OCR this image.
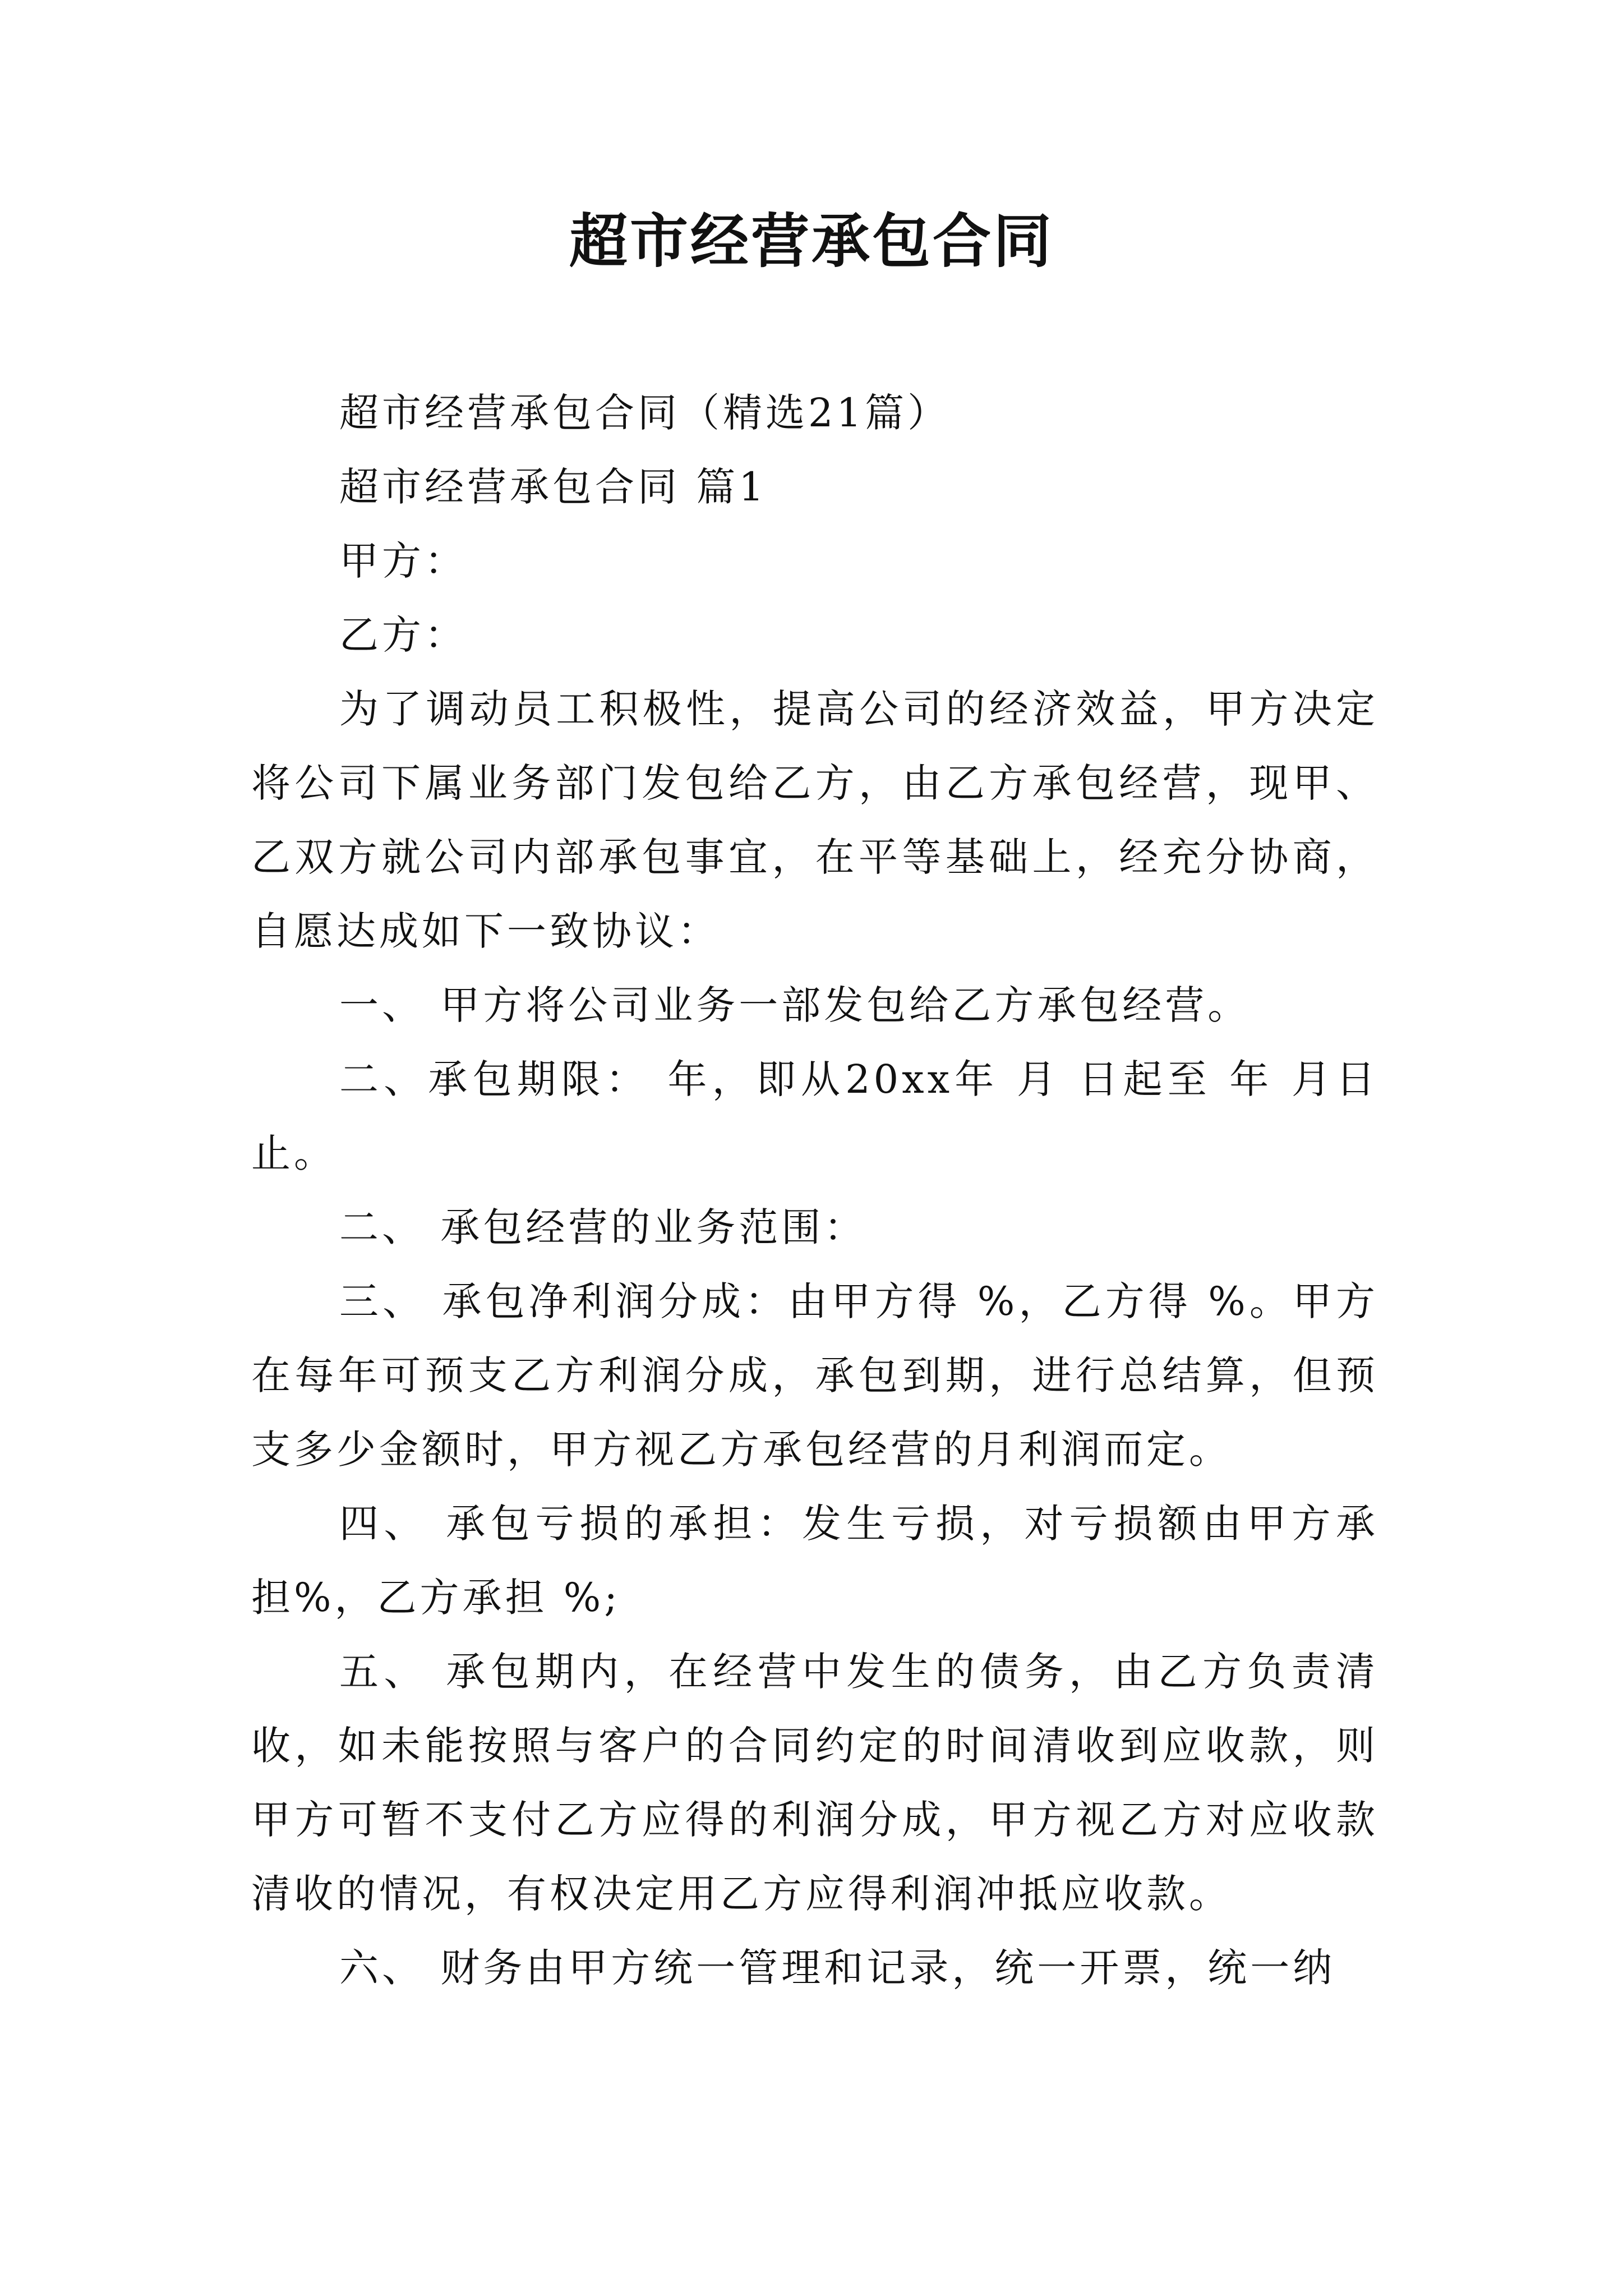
超市经营承包合同

超市经营承包合同（精选21篇）

超市经营承包合同 篇1

甲方：

乙方：

为了调动员工积极性，提高公司的经济效益，甲方决定将公司下属业务部门发包给乙方，由乙方承包经营，现甲、乙双方就公司内部承包事宜，在平等基础上，经充分协商，自愿达成如下一致协议：

一、 甲方将公司业务一部发包给乙方承包经营。

二、承包期限： 年，即从20xx年 月 日起至 年 月日止。

二、 承包经营的业务范围：

三、 承包净利润分成：由甲方得 %，乙方得 %。甲方在每年可预支乙方利润分成，承包到期，进行总结算，但预支多少金额时，甲方视乙方承包经营的月利润而定。

四、 承包亏损的承担：发生亏损，对亏损额由甲方承担%，乙方承担 %;

五、 承包期内，在经营中发生的债务，由乙方负责清收，如未能按照与客户的合同约定的时间清收到应收款，则甲方可暂不支付乙方应得的利润分成，甲方视乙方对应收款清收的情况，有权决定用乙方应得利润冲抵应收款。

六、 财务由甲方统一管理和记录，统一开票，统一纳
